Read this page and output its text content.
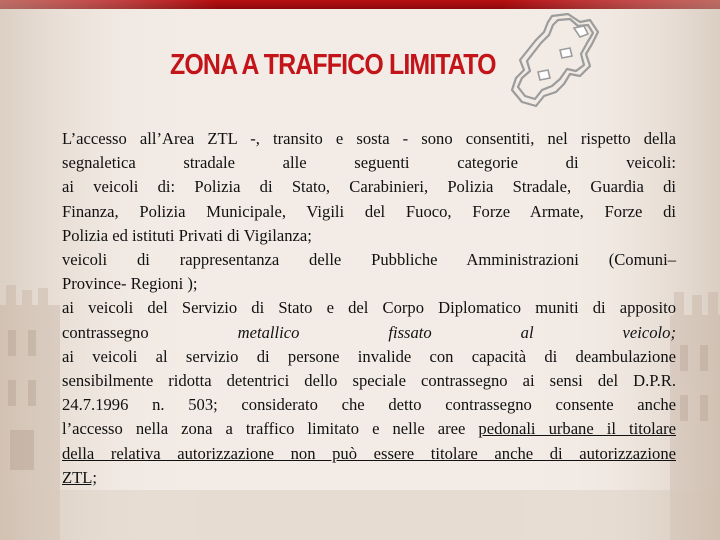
ZONA A TRAFFICO LIMITATO
L’accesso all’Area ZTL -, transito e sosta - sono consentiti, nel rispetto della
segnaletica stradale alle seguenti categorie di veicoli:
ai veicoli di: Polizia di Stato, Carabinieri, Polizia Stradale, Guardia di
Finanza, Polizia Municipale, Vigili del Fuoco, Forze Armate, Forze di
Polizia ed istituti Privati di Vigilanza;
veicoli di rappresentanza delle Pubbliche Amministrazioni (Comuni–
Province- Regioni );
ai veicoli del Servizio di Stato e del Corpo Diplomatico muniti di apposito
contrassegno	metallico fissato al veicolo;
ai veicoli al servizio di persone invalide con capacità di deambulazione
sensibilmente ridotta detentrici dello speciale contrassegno ai sensi del D.P.R.
24.7.1996 n. 503; considerato che detto contrassegno consente anche
l’accesso nella zona a traffico limitato e nelle aree pedonali urbane il titolare
della relativa autorizzazione non può essere titolare anche di autorizzazione
ZTL;
